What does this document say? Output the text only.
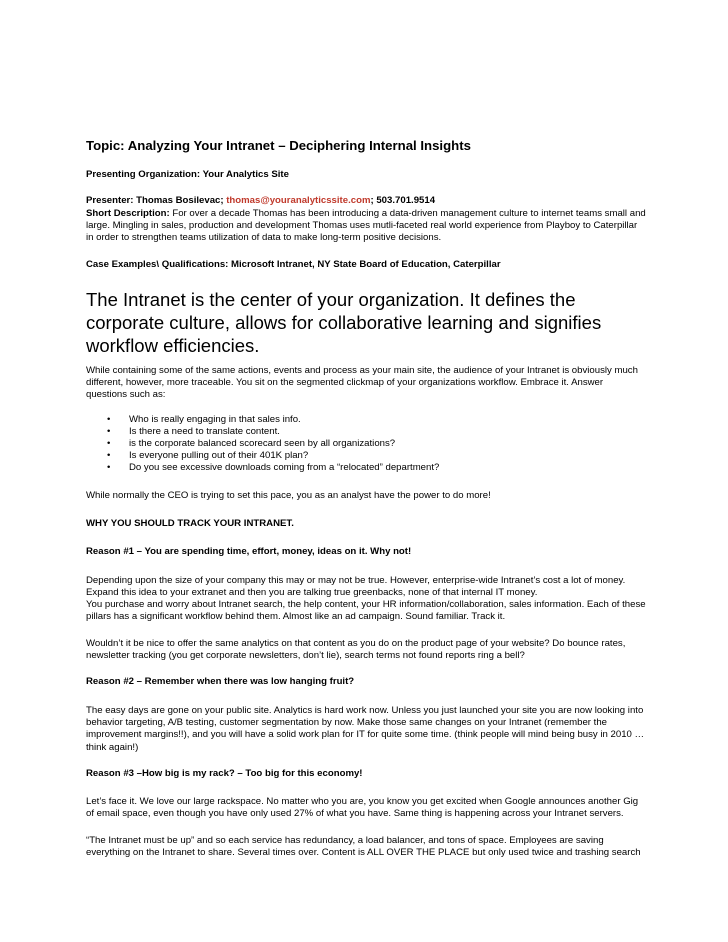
Topic: Analyzing Your Intranet – Deciphering Internal Insights

Presenting Organization: Your Analytics Site

Presenter: Thomas Bosilevac; thomas@youranalyticssite.com; 503.701.9514

Short Description: For over a decade Thomas has been introducing a data-driven management culture to internet teams small and large. Mingling in sales, production and development Thomas uses mutli-faceted real world experience from Playboy to Caterpillar in order to strengthen teams utilization of data to make long-term positive decisions.

Case Examples\ Qualifications: Microsoft Intranet, NY State Board of Education, Caterpillar

The Intranet is the center of your organization. It defines the corporate culture, allows for collaborative learning and signifies workflow efficiencies.

While containing some of the same actions, events and process as your main site, the audience of your Intranet is obviously much different, however, more traceable. You sit on the segmented clickmap of your organizations workflow. Embrace it. Answer questions such as:

• Who is really engaging in that sales info.
• Is there a need to translate content.
• is the corporate balanced scorecard seen by all organizations?
• Is everyone pulling out of their 401K plan?
• Do you see excessive downloads coming from a “relocated” department?

While normally the CEO is trying to set this pace, you as an analyst have the power to do more!

WHY YOU SHOULD TRACK YOUR INTRANET.

Reason #1 – You are spending time, effort, money, ideas on it. Why not!

Depending upon the size of your company this may or may not be true. However, enterprise-wide Intranet’s cost a lot of money. Expand this idea to your extranet and then you are talking true greenbacks, none of that internal IT money.

You purchase and worry about Intranet search, the help content, your HR information/collaboration, sales information. Each of these pillars has a significant workflow behind them. Almost like an ad campaign. Sound familiar. Track it.

Wouldn’t it be nice to offer the same analytics on that content as you do on the product page of your website? Do bounce rates, newsletter tracking (you get corporate newsletters, don’t lie), search terms not found reports ring a bell?

Reason #2 – Remember when there was low hanging fruit?

The easy days are gone on your public site. Analytics is hard work now. Unless you just launched your site you are now looking into behavior targeting, A/B testing, customer segmentation by now. Make those same changes on your Intranet (remember the improvement margins!!), and you will have a solid work plan for IT for quite some time. (think people will mind being busy in 2010 … think again!)

Reason #3 –How big is my rack? – Too big for this economy!

Let’s face it. We love our large rackspace. No matter who you are, you know you get excited when Google announces another Gig of email space, even though you have only used 27% of what you have. Same thing is happening across your Intranet servers.

“The Intranet must be up” and so each service has redundancy, a load balancer, and tons of space. Employees are saving everything on the Intranet to share. Several times over. Content is ALL OVER THE PLACE but only used twice and trashing search
